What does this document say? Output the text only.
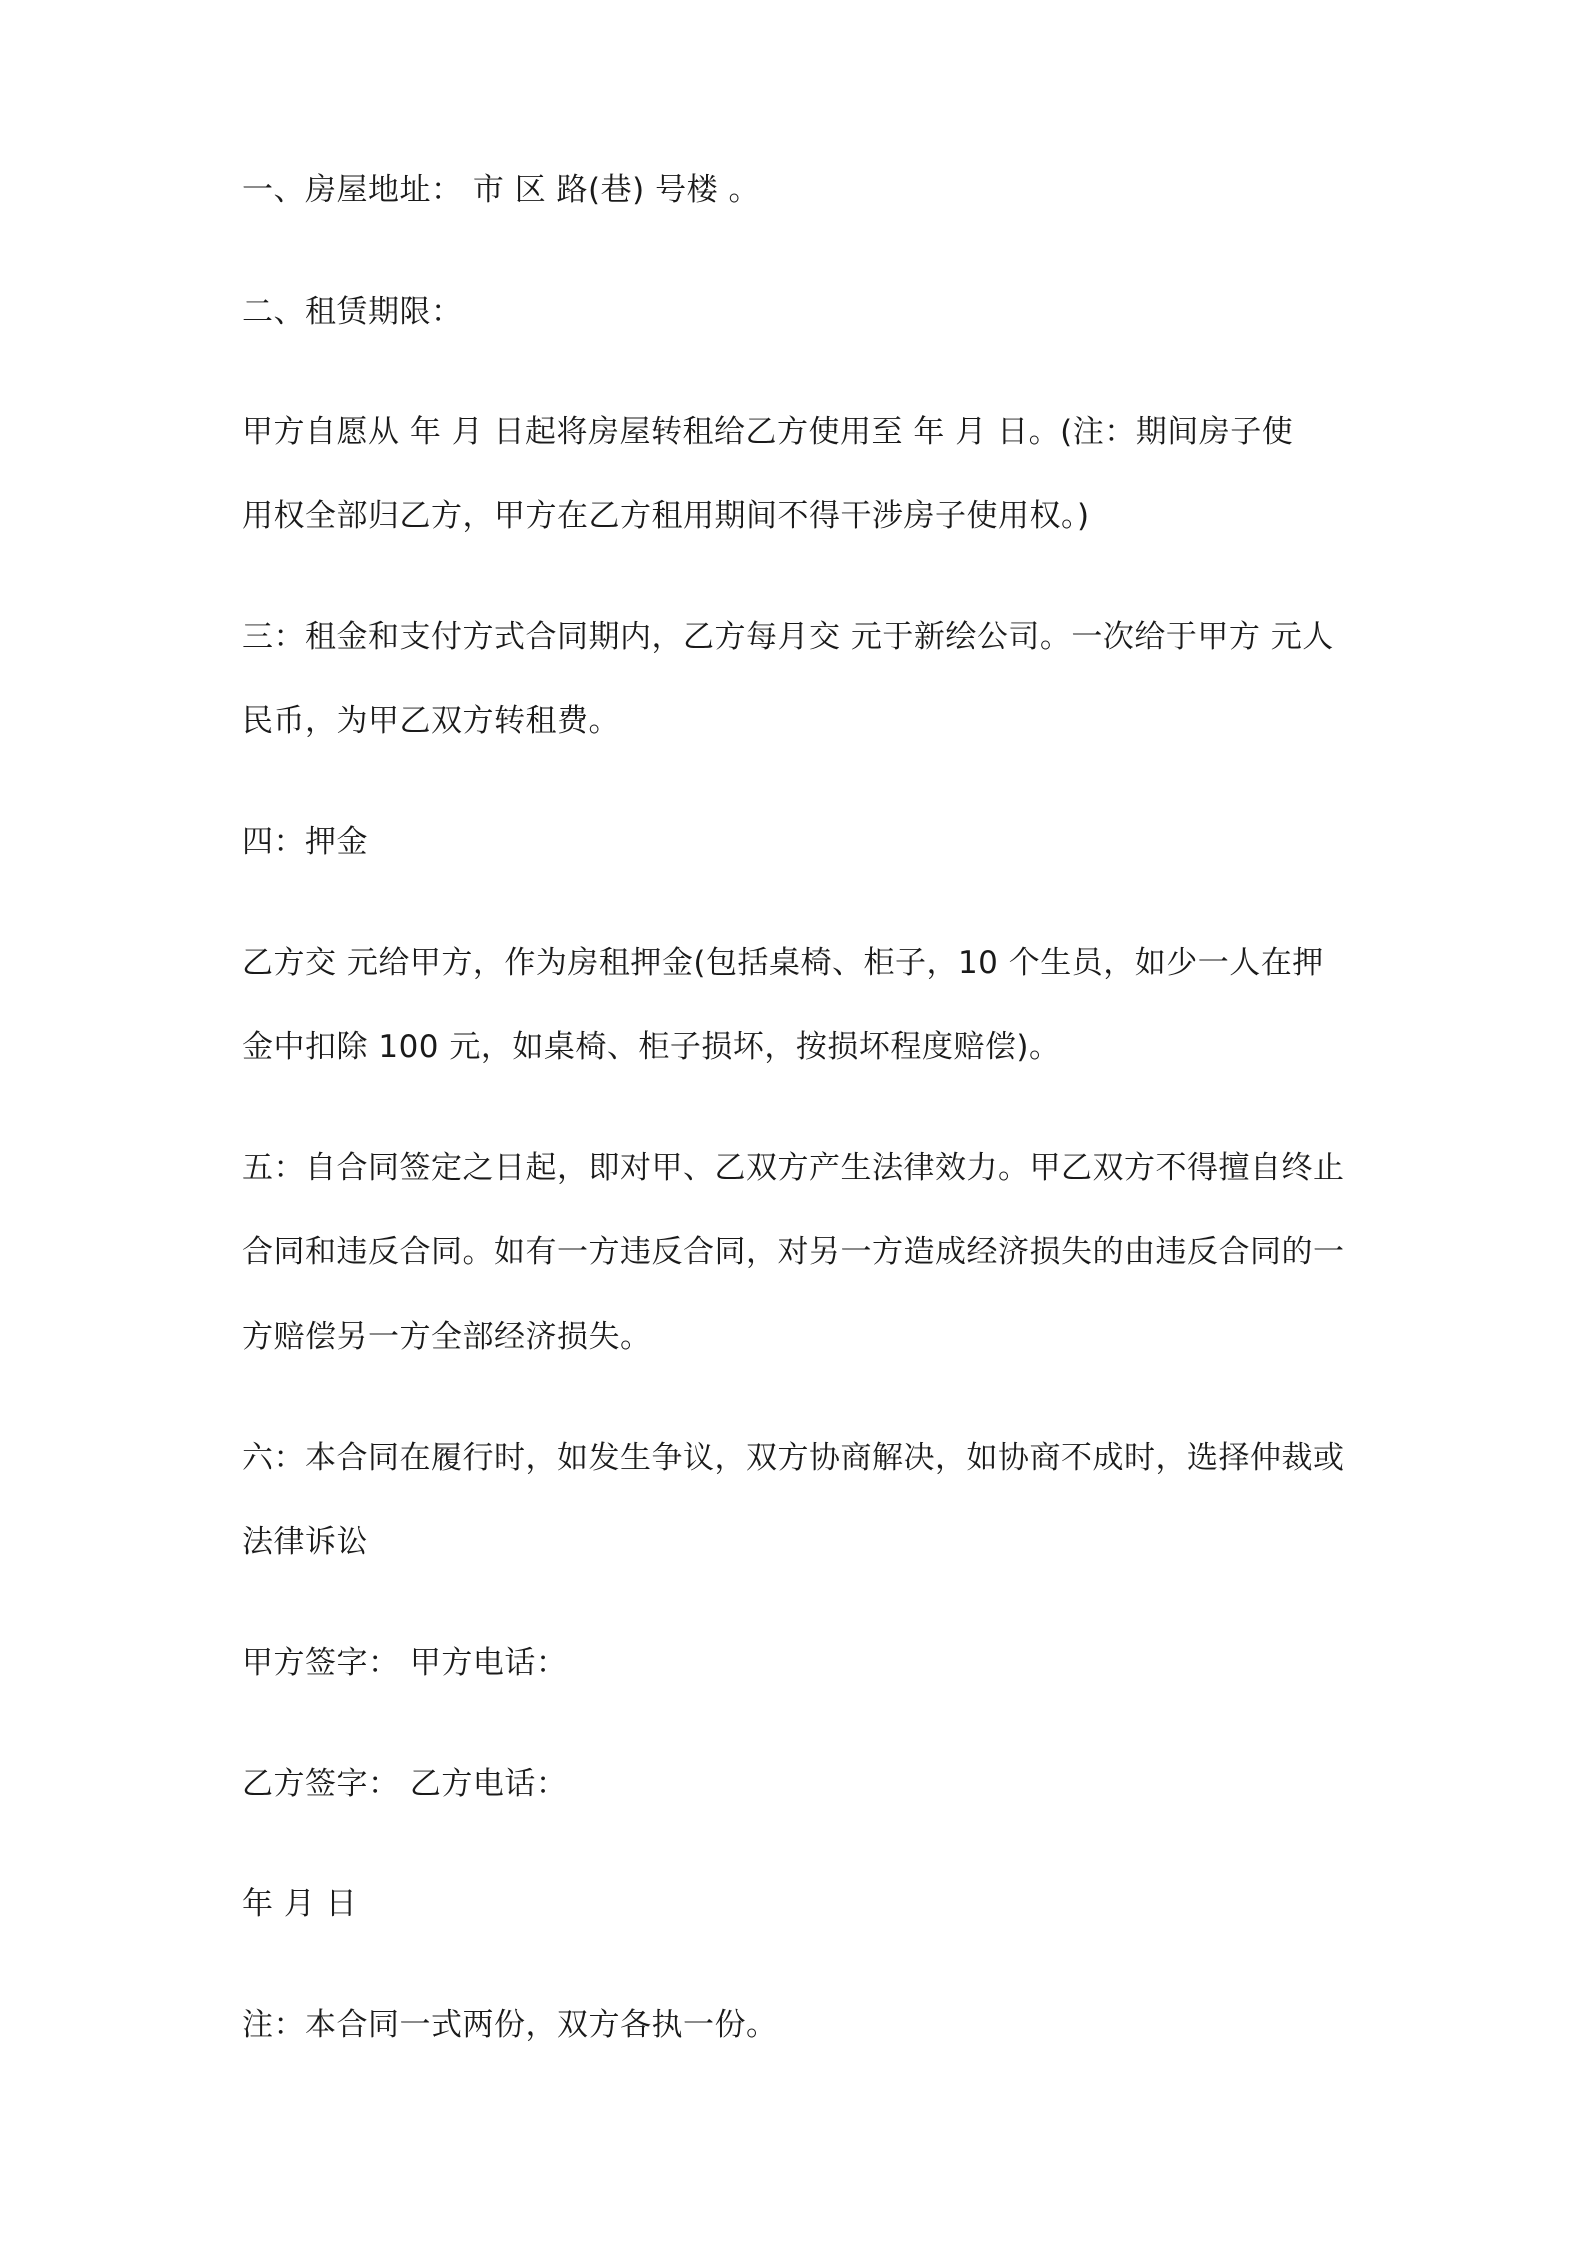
一、房屋地址： 市 区 路(巷) 号楼 。
二、租赁期限：
甲方自愿从 年 月 日起将房屋转租给乙方使用至 年 月 日。(注：期间房子使
用权全部归乙方，甲方在乙方租用期间不得干涉房子使用权。)
三：租金和支付方式合同期内，乙方每月交 元于新绘公司。一次给于甲方 元人
民币，为甲乙双方转租费。
四：押金
乙方交 元给甲方，作为房租押金(包括桌椅、柜子，10 个生员，如少一人在押
金中扣除 100 元，如桌椅、柜子损坏，按损坏程度赔偿)。
五：自合同签定之日起，即对甲、乙双方产生法律效力。甲乙双方不得擅自终止
合同和违反合同。如有一方违反合同，对另一方造成经济损失的由违反合同的一
方赔偿另一方全部经济损失。
六：本合同在履行时，如发生争议，双方协商解决，如协商不成时，选择仲裁或
法律诉讼
甲方签字： 甲方电话：
乙方签字： 乙方电话：
年 月 日
注：本合同一式两份，双方各执一份。
